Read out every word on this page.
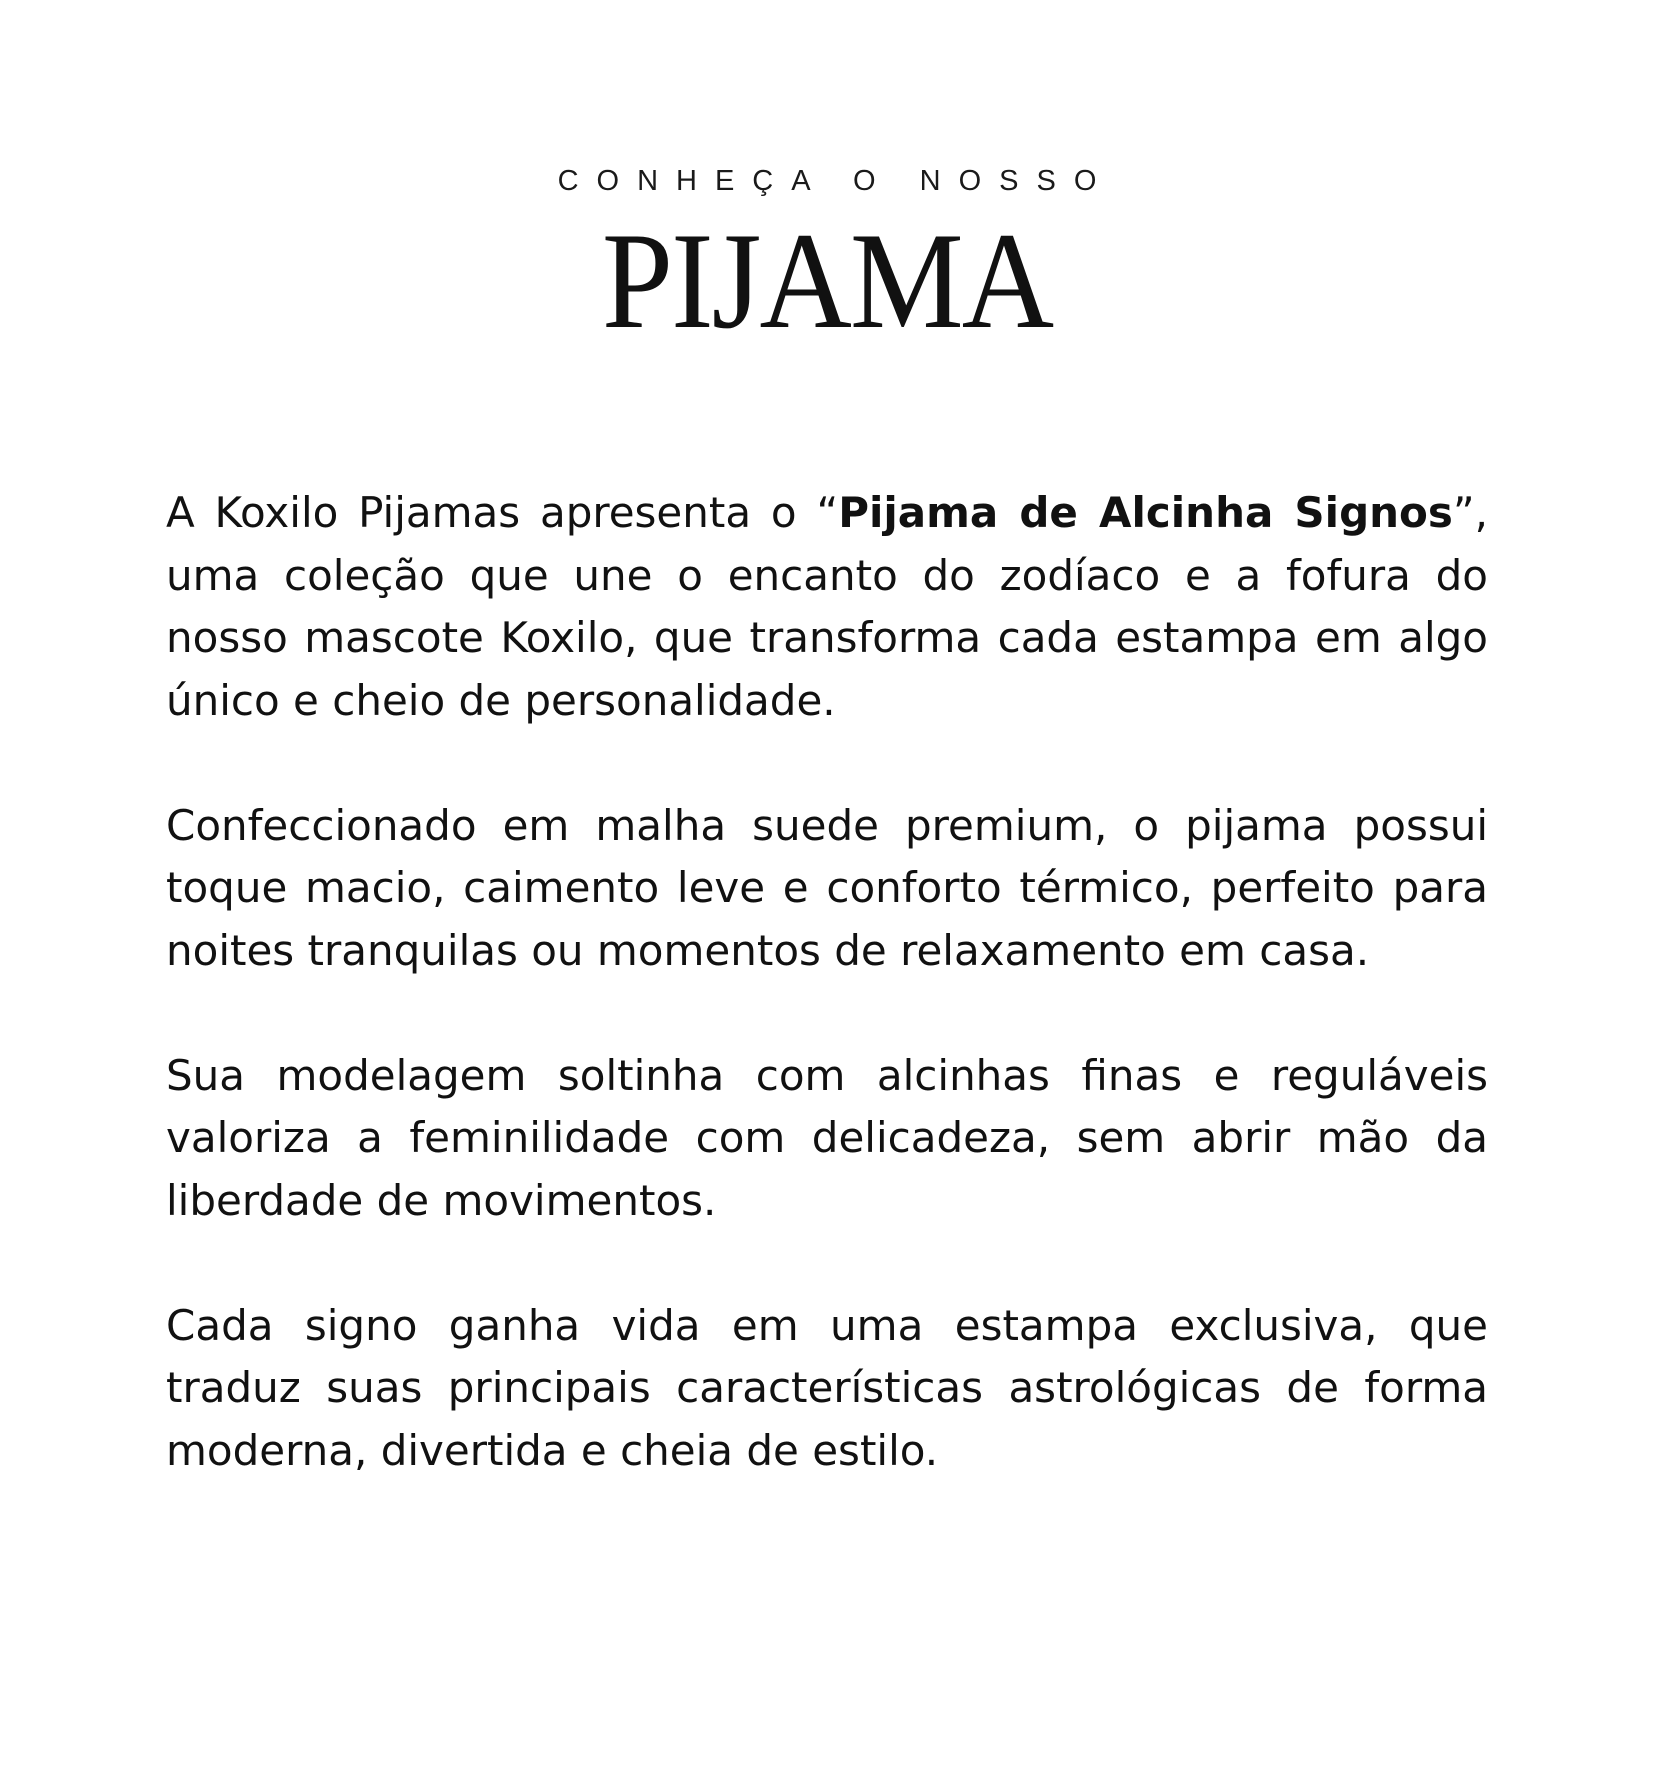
CONHEÇA O NOSSO
PIJAMA

A Koxilo Pijamas apresenta o “Pijama de Alcinha Signos”, uma coleção que une o encanto do zodíaco e a fofura do nosso mascote Koxilo, que transforma cada estampa em algo único e cheio de personalidade.

Confeccionado em malha suede premium, o pijama possui toque macio, caimento leve e conforto térmico, perfeito para noites tranquilas ou momentos de relaxamento em casa.

Sua modelagem soltinha com alcinhas finas e reguláveis valoriza a feminilidade com delicadeza, sem abrir mão da liberdade de movimentos.

Cada signo ganha vida em uma estampa exclusiva, que traduz suas principais características astrológicas de forma moderna, divertida e cheia de estilo.
